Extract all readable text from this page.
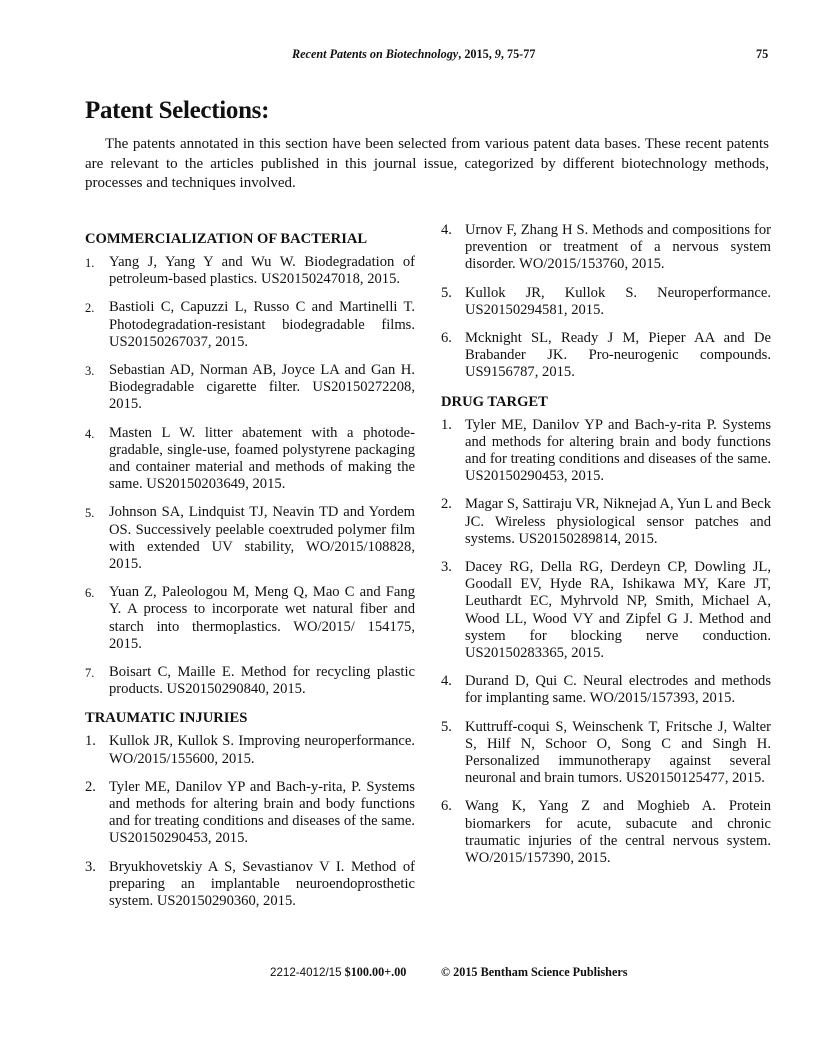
Recent Patents on Biotechnology, 2015, 9, 75-77	75
Patent Selections:

The patents annotated in this section have been selected from various patent data bases. These recent patents are relevant to the articles published in this journal issue, categorized by different biotechnology methods, processes and techniques involved.

COMMERCIALIZATION OF BACTERIAL
1. Yang J, Yang Y and Wu W. Biodegradation of petroleum-based plastics. US20150247018, 2015.
2. Bastioli C, Capuzzi L, Russo C and Martinelli T. Photodegradation-resistant biodegradable films. US20150267037, 2015.
3. Sebastian AD, Norman AB, Joyce LA and Gan H. Biodegradable cigarette filter. US20150272208, 2015.
4. Masten L W. litter abatement with a photodegradable, single-use, foamed polystyrene packaging and container material and methods of making the same. US20150203649, 2015.
5. Johnson SA, Lindquist TJ, Neavin TD and Yordem OS. Successively peelable coextruded polymer film with extended UV stability, WO/2015/108828, 2015.
6. Yuan Z, Paleologou M, Meng Q, Mao C and Fang Y. A process to incorporate wet natural fiber and starch into thermoplastics. WO/2015/ 154175, 2015.
7. Boisart C, Maille E. Method for recycling plastic products. US20150290840, 2015.
TRAUMATIC INJURIES
1. Kullok JR, Kullok S. Improving neuroperformance. WO/2015/155600, 2015.
2. Tyler ME, Danilov YP and Bach-y-rita, P. Systems and methods for altering brain and body functions and for treating conditions and diseases of the same. US20150290453, 2015.
3. Bryukhovetskiy A S, Sevastianov V I. Method of preparing an implantable neuroendoprosthetic system. US20150290360, 2015.
4. Urnov F, Zhang H S. Methods and compositions for prevention or treatment of a nervous system disorder. WO/2015/153760, 2015.
5. Kullok JR, Kullok S. Neuroperformance. US20150294581, 2015.
6. Mcknight SL, Ready J M, Pieper AA and De Brabander JK. Pro-neurogenic compounds. US9156787, 2015.
DRUG TARGET
1. Tyler ME, Danilov YP and Bach-y-rita P. Systems and methods for altering brain and body functions and for treating conditions and diseases of the same. US20150290453, 2015.
2. Magar S, Sattiraju VR, Niknejad A, Yun L and Beck JC. Wireless physiological sensor patches and systems. US20150289814, 2015.
3. Dacey RG, Della RG, Derdeyn CP, Dowling JL, Goodall EV, Hyde RA, Ishikawa MY, Kare JT, Leuthardt EC, Myhrvold NP, Smith, Michael A, Wood LL, Wood VY and Zipfel G J. Method and system for blocking nerve conduction. US20150283365, 2015.
4. Durand D, Qui C. Neural electrodes and methods for implanting same. WO/2015/157393, 2015.
5. Kuttruff-coqui S, Weinschenk T, Fritsche J, Walter S, Hilf N, Schoor O, Song C and Singh H. Personalized immunotherapy against several neuronal and brain tumors. US20150125477, 2015.
6. Wang K, Yang Z and Moghieb A. Protein biomarkers for acute, subacute and chronic traumatic injuries of the central nervous system. WO/2015/157390, 2015.
2212-4012/15 $100.00+.00	© 2015 Bentham Science Publishers
